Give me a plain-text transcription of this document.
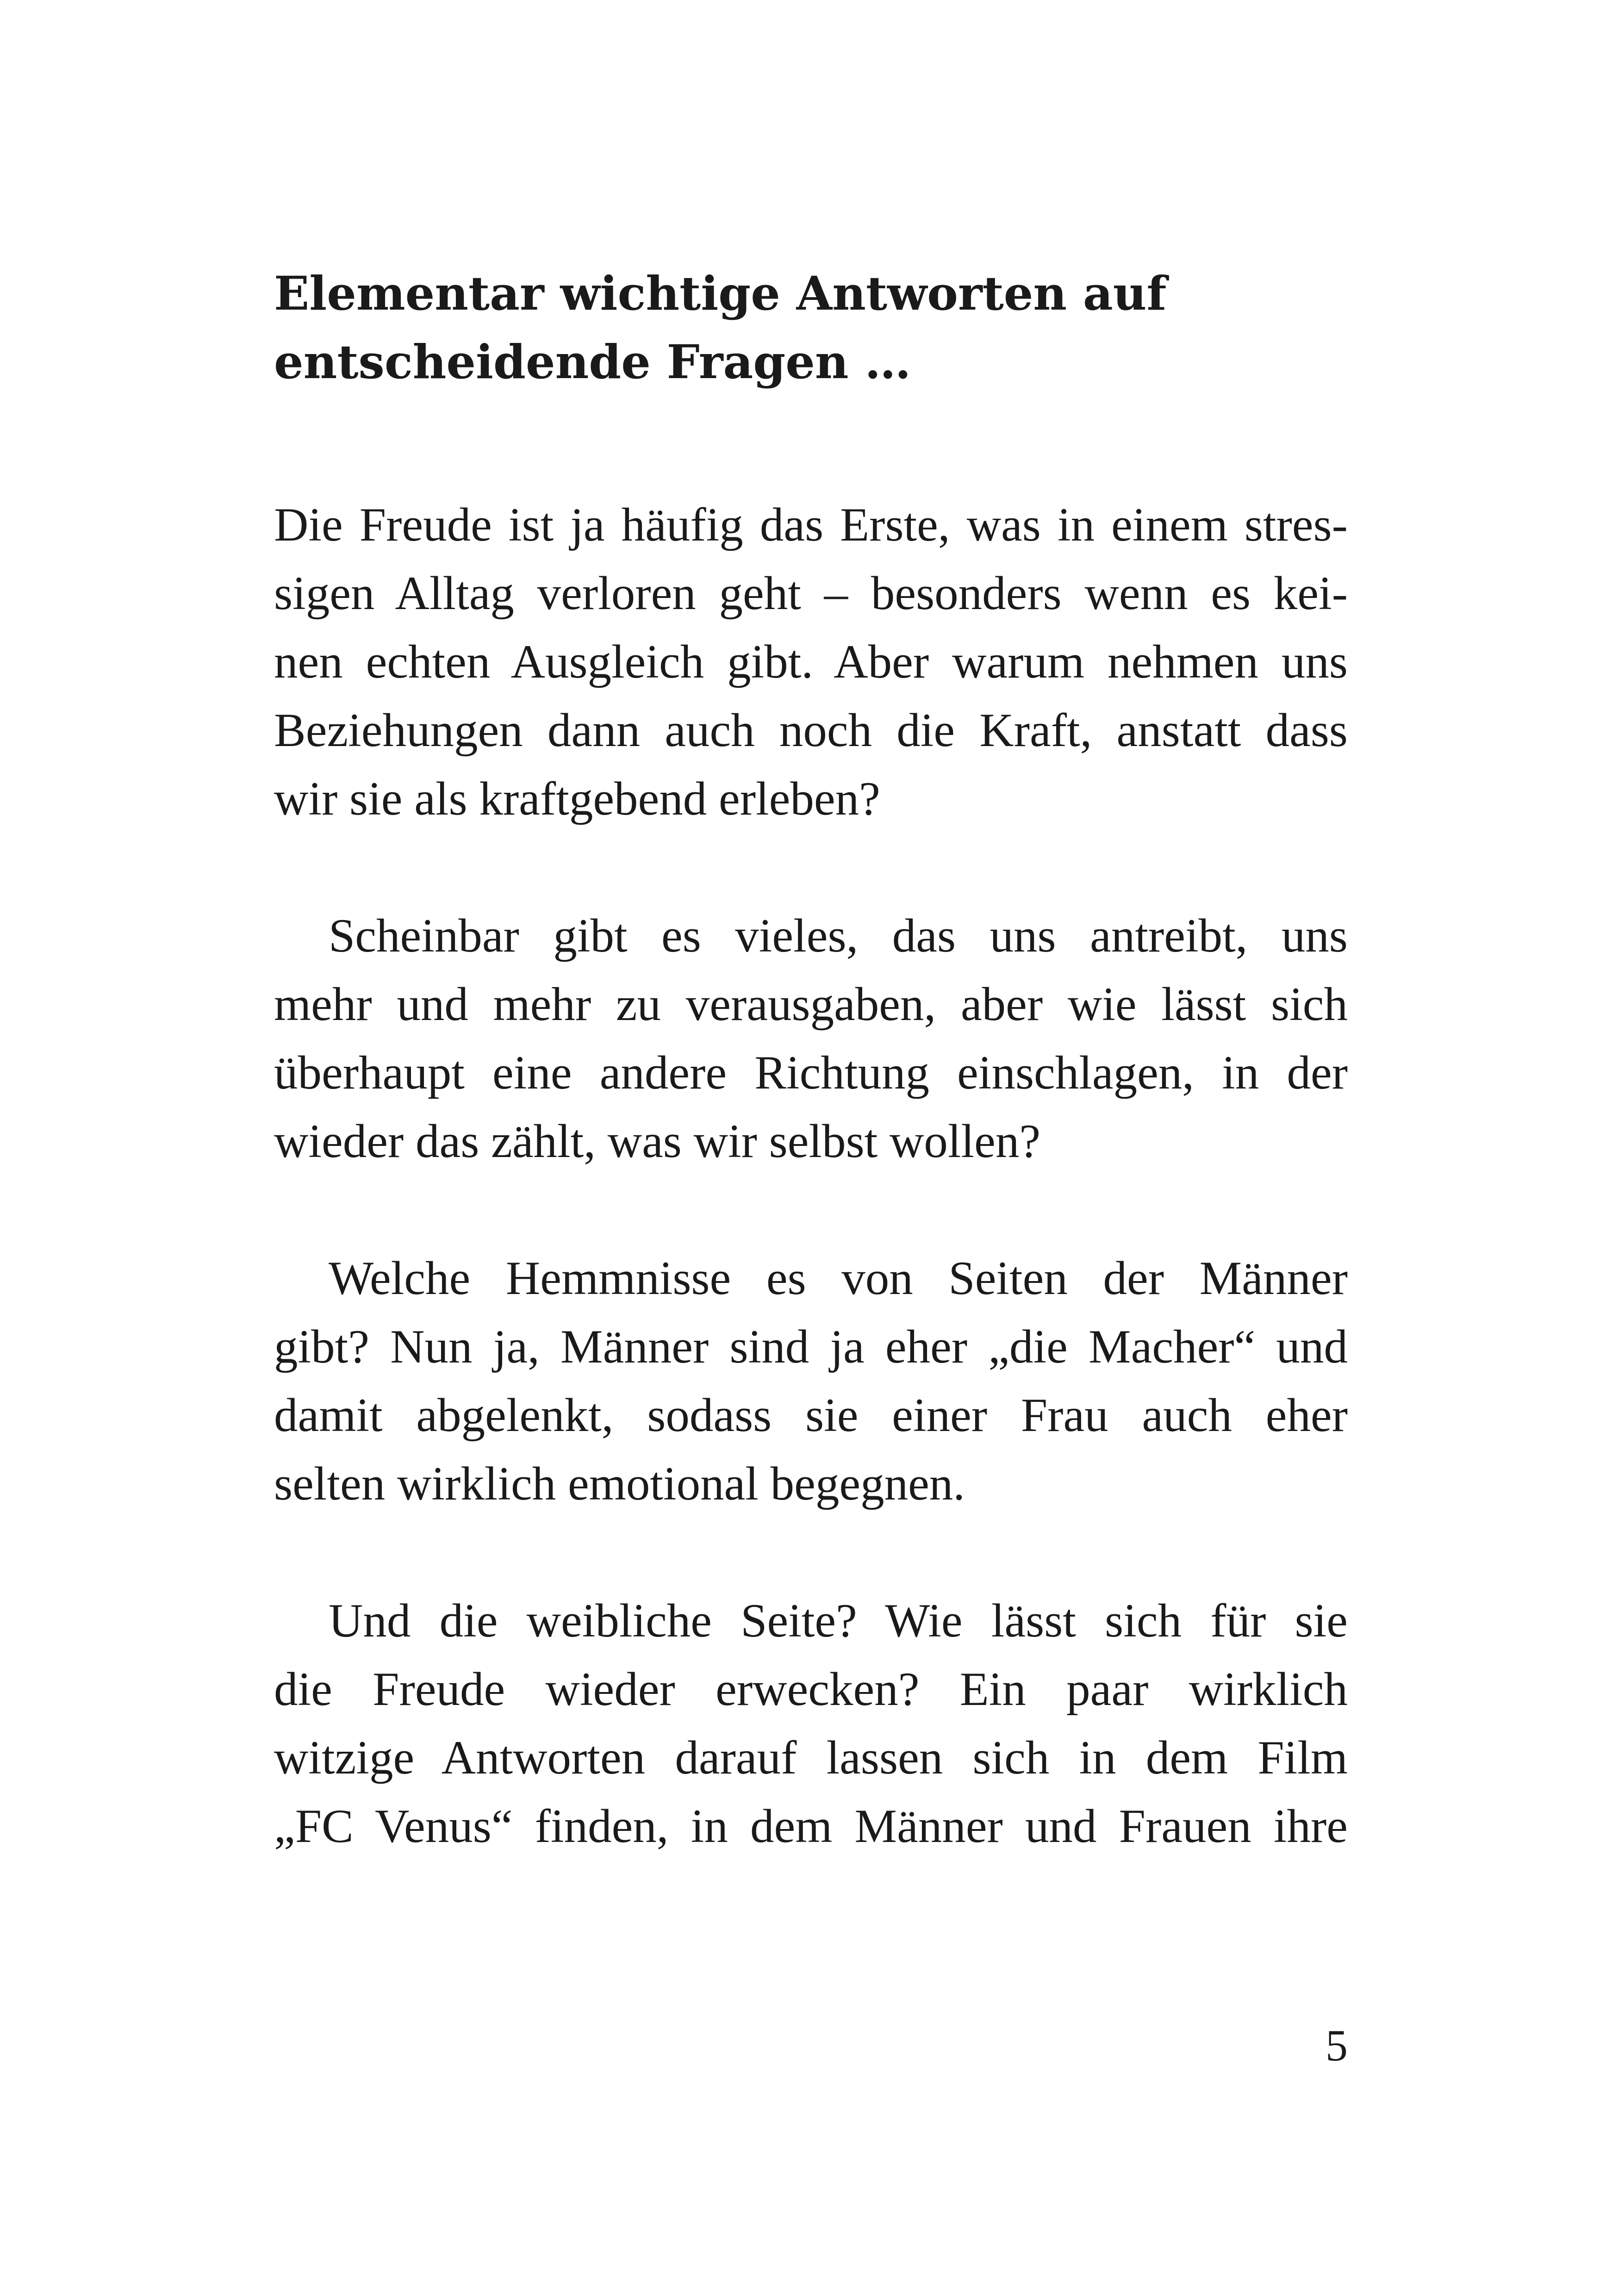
Elementar wichtige Antworten auf
entscheidende Fragen …

Die Freude ist ja häufig das Erste, was in einem stres-
sigen Alltag verloren geht – besonders wenn es kei-
nen echten Ausgleich gibt. Aber warum nehmen uns
Beziehungen dann auch noch die Kraft, anstatt dass
wir sie als kraftgebend erleben?

Scheinbar gibt es vieles, das uns antreibt, uns
mehr und mehr zu verausgaben, aber wie lässt sich
überhaupt eine andere Richtung einschlagen, in der
wieder das zählt, was wir selbst wollen?

Welche Hemmnisse es von Seiten der Männer
gibt? Nun ja, Männer sind ja eher „die Macher“ und
damit abgelenkt, sodass sie einer Frau auch eher
selten wirklich emotional begegnen.

Und die weibliche Seite? Wie lässt sich für sie
die Freude wieder erwecken? Ein paar wirklich
witzige Antworten darauf lassen sich in dem Film
„FC Venus“ finden, in dem Männer und Frauen ihre

5
